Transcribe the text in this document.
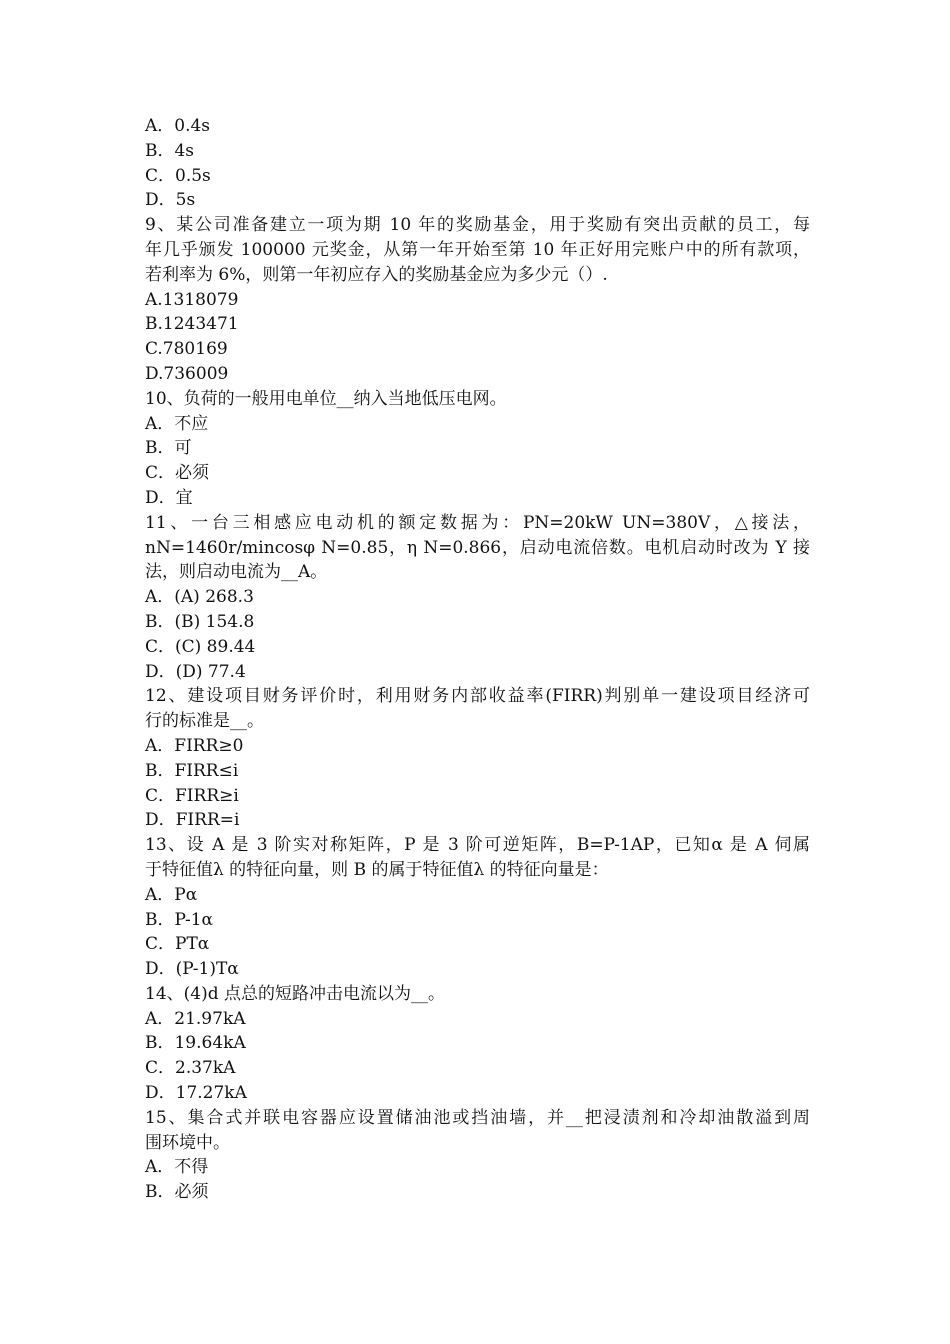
A．0.4s
B．4s
C．0.5s
D．5s
9、某公司准备建立一项为期 10 年的奖励基金，用于奖励有突出贡献的员工，每
年几乎颁发 100000 元奖金，从第一年开始至第 10 年正好用完账户中的所有款项，
若利率为 6%，则第一年初应存入的奖励基金应为多少元（）.
A.1318079
B.1243471
C.780169
D.736009
10、负荷的一般用电单位__纳入当地低压电网。
A．不应
B．可
C．必须
D．宜
11、一台三相感应电动机的额定数据为：PN=20kW UN=380V，△接法，
nN=1460r/mincosφ N=0.85，η N=0.866，启动电流倍数。电机启动时改为 Y 接
法，则启动电流为__A。
A．(A) 268.3
B．(B) 154.8
C．(C) 89.44
D．(D) 77.4
12、建设项目财务评价时，利用财务内部收益率(FIRR)判别单一建设项目经济可
行的标准是__。
A．FIRR≥0
B．FIRR≤i
C．FIRR≥i
D．FIRR=i
13、设 A 是 3 阶实对称矩阵，P 是 3 阶可逆矩阵，B=P-1AP，已知α 是 A 伺属
于特征值λ 的特征向量，则 B 的属于特征值λ 的特征向量是：
A．Pα
B．P-1α
C．PTα
D．(P-1)Tα
14、(4)d 点总的短路冲击电流以为__。
A．21.97kA
B．19.64kA
C．2.37kA
D．17.27kA
15、集合式并联电容器应设置储油池或挡油墙，并__把浸渍剂和冷却油散溢到周
围环境中。
A．不得
B．必须
